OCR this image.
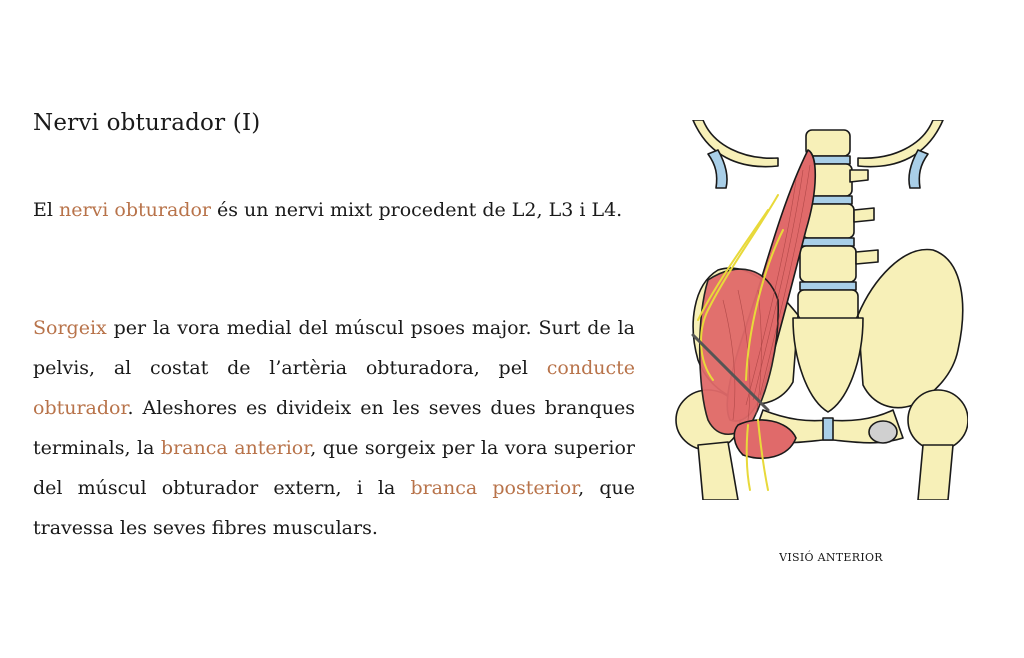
Nervi obturador (I)

El nervi obturador és un nervi mixt procedent de L2, L3 i L4.

Sorgeix per la vora medial del múscul psoes major. Surt de la pelvis, al costat de l’artèria obturadora, pel conducte obturador. Aleshores es divideix en les seves dues branques terminals, la branca anterior, que sorgeix per la vora superior del múscul obturador extern, i la branca posterior, que travessa les seves fibres musculars.

VISIÓ ANTERIOR
